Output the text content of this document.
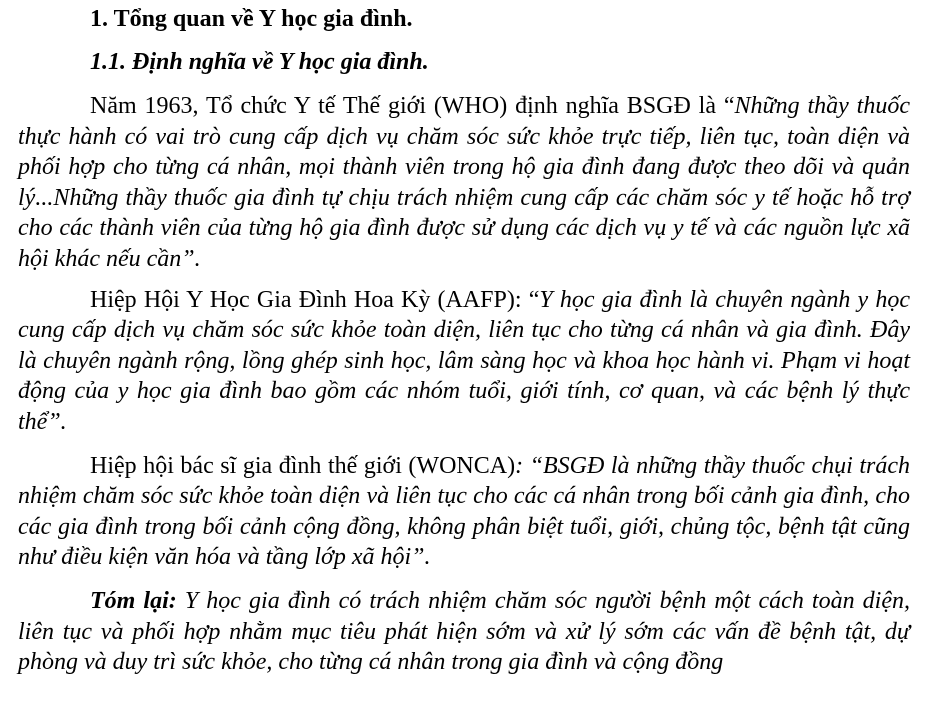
1. Tổng quan về Y học gia đình.
1.1. Định nghĩa về Y học gia đình.

Năm 1963, Tổ chức Y tế Thế giới (WHO) định nghĩa BSGĐ là “Những thầy thuốc thực hành có vai trò cung cấp dịch vụ chăm sóc sức khỏe trực tiếp, liên tục, toàn diện và phối hợp cho từng cá nhân, mọi thành viên trong hộ gia đình đang được theo dõi và quản lý...Những thầy thuốc gia đình tự chịu trách nhiệm cung cấp các chăm sóc y tế hoặc hỗ trợ cho các thành viên của từng hộ gia đình được sử dụng các dịch vụ y tế và các nguồn lực xã hội khác nếu cần”.

Hiệp Hội Y Học Gia Đình Hoa Kỳ (AAFP): “Y học gia đình là chuyên ngành y học cung cấp dịch vụ chăm sóc sức khỏe toàn diện, liên tục cho từng cá nhân và gia đình. Đây là chuyên ngành rộng, lồng ghép sinh học, lâm sàng học và khoa học hành vi. Phạm vi hoạt động của y học gia đình bao gồm các nhóm tuổi, giới tính, cơ quan, và các bệnh lý thực thể”.

Hiệp hội bác sĩ gia đình thế giới (WONCA): “BSGĐ là những thầy thuốc chụi trách nhiệm chăm sóc sức khỏe toàn diện và liên tục cho các cá nhân trong bối cảnh gia đình, cho các gia đình trong bối cảnh cộng đồng, không phân biệt tuổi, giới, chủng tộc, bệnh tật cũng như điều kiện văn hóa và tầng lớp xã hội”.

Tóm lại: Y học gia đình có trách nhiệm chăm sóc người bệnh một cách toàn diện, liên tục và phối hợp nhằm mục tiêu phát hiện sớm và xử lý sớm các vấn đề bệnh tật, dự phòng và duy trì sức khỏe, cho từng cá nhân trong gia đình và cộng đồng
